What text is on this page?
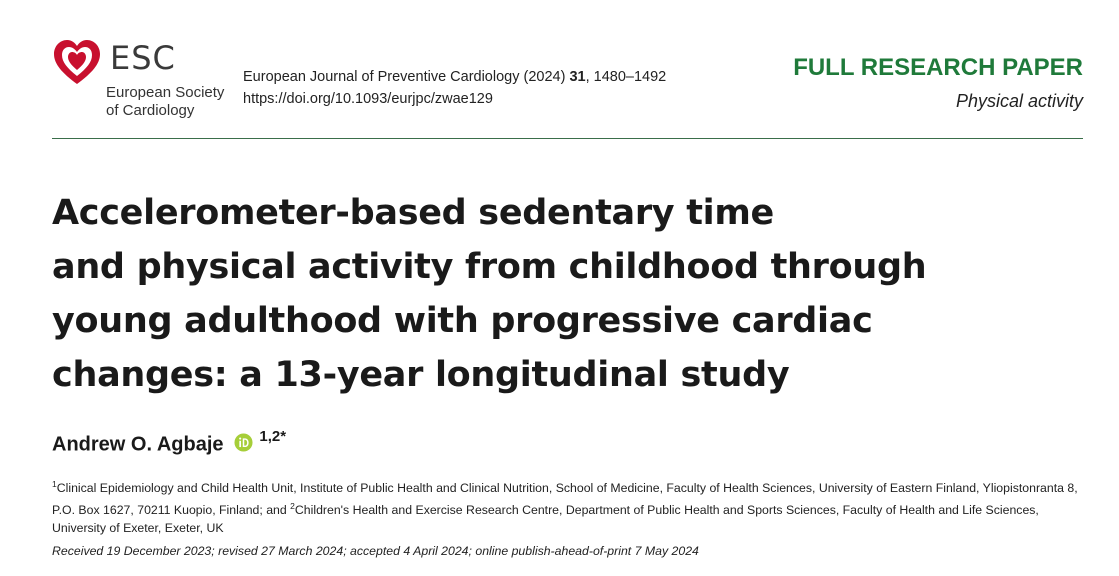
ESC
European Society
of Cardiology
European Journal of Preventive Cardiology (2024) 31, 1480–1492
https://doi.org/10.1093/eurjpc/zwae129
FULL RESEARCH PAPER
Physical activity
Accelerometer-based sedentary time
and physical activity from childhood through
young adulthood with progressive cardiac
changes: a 13-year longitudinal study
Andrew O. Agbaje 1,2*
$^1$Clinical Epidemiology and Child Health Unit, Institute of Public Health and Clinical Nutrition, School of Medicine, Faculty of Health Sciences, University of Eastern Finland, Yliopistonranta 8,
P.O. Box 1627, 70211 Kuopio, Finland; and $^2$Children's Health and Exercise Research Centre, Department of Public Health and Sports Sciences, Faculty of Health and Life Sciences,
University of Exeter, Exeter, UK
Received 19 December 2023; revised 27 March 2024; accepted 4 April 2024; online publish-ahead-of-print 7 May 2024
